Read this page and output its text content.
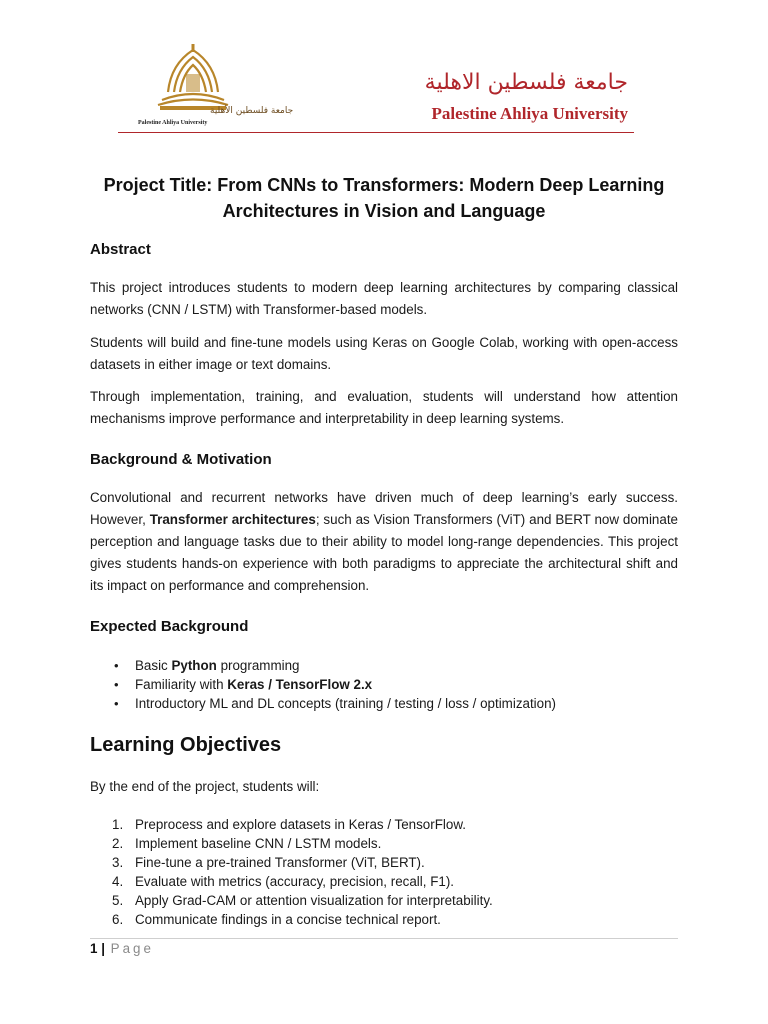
جامعة فلسطين الأهلية
Palestine Ahliya University
جامعة فلسطين الاهلية
Palestine Ahliya University
Project Title: From CNNs to Transformers: Modern Deep Learning Architectures in Vision and Language
Abstract
This project introduces students to modern deep learning architectures by comparing classical networks (CNN / LSTM) with Transformer-based models.
Students will build and fine-tune models using Keras on Google Colab, working with open-access datasets in either image or text domains.
Through implementation, training, and evaluation, students will understand how attention mechanisms improve performance and interpretability in deep learning systems.
Background & Motivation
Convolutional and recurrent networks have driven much of deep learning’s early success. However, Transformer architectures; such as Vision Transformers (ViT) and BERT now dominate perception and language tasks due to their ability to model long-range dependencies. This project gives students hands-on experience with both paradigms to appreciate the architectural shift and its impact on performance and comprehension.
Expected Background
• Basic Python programming
• Familiarity with Keras / TensorFlow 2.x
• Introductory ML and DL concepts (training / testing / loss / optimization)
Learning Objectives
By the end of the project, students will:
1. Preprocess and explore datasets in Keras / TensorFlow.
2. Implement baseline CNN / LSTM models.
3. Fine-tune a pre-trained Transformer (ViT, BERT).
4. Evaluate with metrics (accuracy, precision, recall, F1).
5. Apply Grad-CAM or attention visualization for interpretability.
6. Communicate findings in a concise technical report.
1 | Page
